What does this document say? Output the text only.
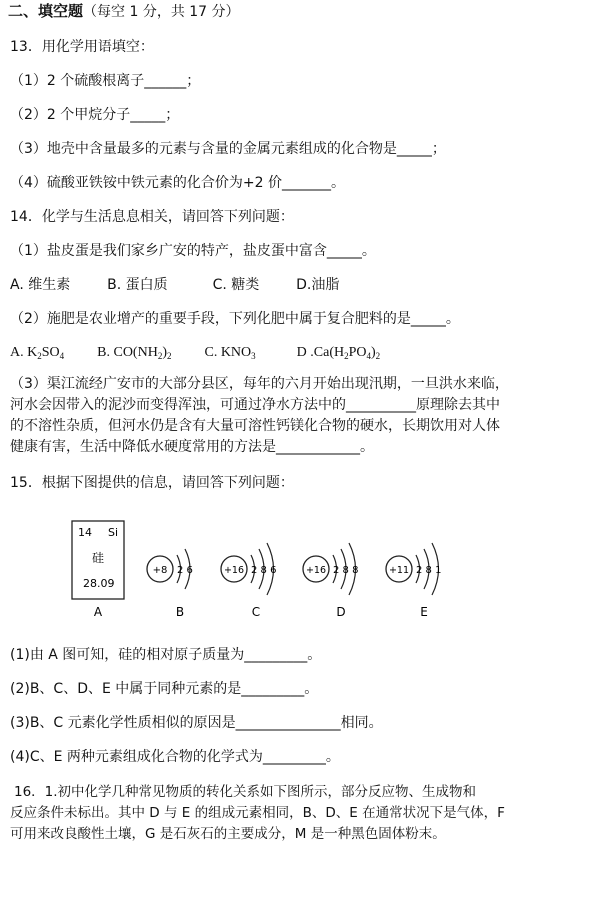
二、填空题（每空 1 分，共 17 分）
13．用化学用语填空：
（1）2 个硫酸根离子______；
（2）2 个甲烷分子_____；
（3）地壳中含量最多的元素与含量的金属元素组成的化合物是_____；
（4）硫酸亚铁铵中铁元素的化合价为+2 价_______。
14．化学与生活息息相关，请回答下列问题：
（1）盐皮蛋是我们家乡广安的特产，盐皮蛋中富含_____。
A. 维生素	B. 蛋白质	C. 糖类	D.油脂
（2）施肥是农业增产的重要手段，下列化肥中属于复合肥料的是_____。
A. $K_2SO_4$ B. $CO(NH_2)_2$ C. $KNO_3$	D $.Ca(H_2PO_4)_2$
（3）渠江流经广安市的大部分县区，每年的六月开始出现汛期，一旦洪水来临，
河水会因带入的泥沙而变得浑浊，可通过净水方法中的__________原理除去其中
的不溶性杂质，但河水仍是含有大量可溶性钙镁化合物的硬水，长期饮用对人体
健康有害，生活中降低水硬度常用的方法是____________。
15．根据下图提供的信息，请回答下列问题：
14 Si
硅
28.09
+8 2 6	+16 2 8 6	+16 2 8 8	+11 2 8 1
A	B	C	D	E
(1)由 A 图可知，硅的相对原子质量为_________。
(2)B、C、D、E 中属于同种元素的是_________。
(3)B、C 元素化学性质相似的原因是_______________相同。
(4)C、E 两种元素组成化合物的化学式为_________。
16．1.初中化学几种常见物质的转化关系如下图所示，部分反应物、生成物和
反应条件未标出。其中 D 与 E 的组成元素相同，B、D、E 在通常状况下是气体，F
可用来改良酸性土壤，G 是石灰石的主要成分，M 是一种黑色固体粉末。
